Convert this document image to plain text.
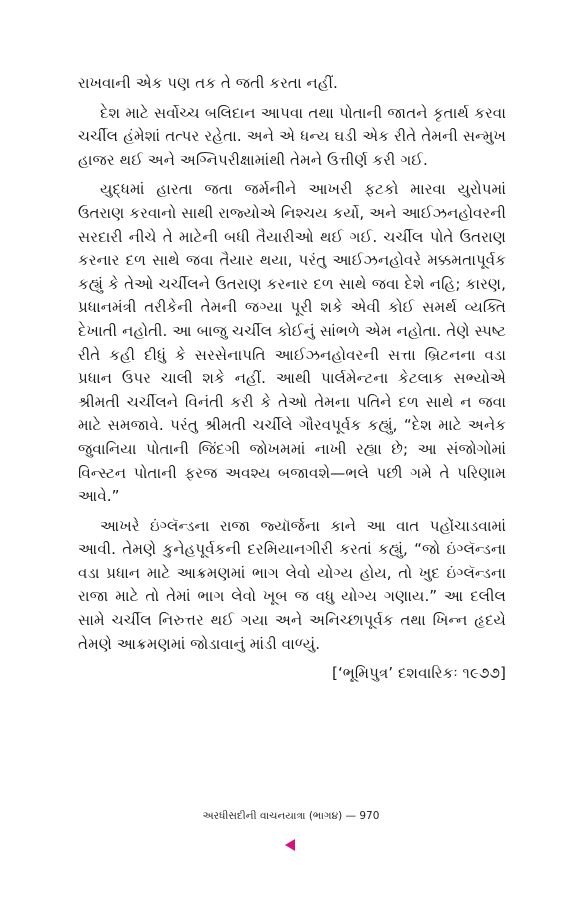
રાખવાની એક પણ તક તે જતી કરતા નહીં.

દેશ માટે સર્વોચ્ચ બલિદાન આપવા તથા પોતાની જાતને કૃતાર્થ કરવા ચર્ચીલ હંમેશાં તત્પર રહેતા. અને એ ધન્ય ઘડી એક રીતે તેમની સન્મુખ હાજર થઈ અને અગ્નિપરીક્ષામાંથી તેમને ઉત્તીર્ણ કરી ગઈ.

યુદ્ધમાં હારતા જતા જર્મનીને આખરી ફટકો મારવા યુરોપમાં ઉતરાણ કરવાનો સાથી રાજ્યોએ નિશ્ચય કર્યો, અને આઈઝનહોવરની સરદારી નીચે તે માટેની બધી તૈયારીઓ થઈ ગઈ. ચર્ચીલ પોતે ઉતરાણ કરનાર દળ સાથે જવા તૈયાર થયા, પરંતુ આઈઝનહોવરે મક્કમતાપૂર્વક કહ્યું કે તેઓ ચર્ચીલને ઉતરાણ કરનાર દળ સાથે જવા દેશે નહિ; કારણ, પ્રધાનમંત્રી તરીકેની તેમની જગ્યા પૂરી શકે એવી કોઈ સમર્થ વ્યક્તિ દેખાતી નહોતી. આ બાજુ ચર્ચીલ કોઈનું સાંભળે એમ નહોતા. તેણે સ્પષ્ટ રીતે કહી દીધું કે સરસેનાપતિ આઈઝનહોવરની સત્તા બ્રિટનના વડા પ્રધાન ઉપર ચાલી શકે નહીં. આથી પાર્લમેન્ટના કેટલાક સભ્યોએ શ્રીમતી ચર્ચીલને વિનંતી કરી કે તેઓ તેમના પતિને દળ સાથે ન જવા માટે સમજાવે. પરંતુ શ્રીમતી ચર્ચીલે ગૌરવપૂર્વક કહ્યું, “દેશ માટે અનેક જુવાનિયા પોતાની જિંદગી જોખમમાં નાખી રહ્યા છે; આ સંજોગોમાં વિન્સ્ટન પોતાની ફરજ અવશ્ય બજાવશે—ભલે પછી ગમે તે પરિણામ આવે.”

આખરે ઇંગ્લૅન્ડના રાજા જ્યૉર્જના કાને આ વાત પહોંચાડવામાં આવી. તેમણે કુનેહપૂર્વકની દરમિયાનગીરી કરતાં કહ્યું, “જો ઇંગ્લૅન્ડના વડા પ્રધાન માટે આક્રમણમાં ભાગ લેવો યોગ્ય હોય, તો ખુદ ઇંગ્લૅન્ડના રાજા માટે તો તેમાં ભાગ લેવો ખૂબ જ વધુ યોગ્ય ગણાય.” આ દલીલ સામે ચર્ચીલ નિરુત્તર થઈ ગયા અને અનિચ્છાપૂર્વક તથા ખિન્ન હૃદયે તેમણે આક્રમણમાં જોડાવાનું માંડી વાળ્યું.

[‘ભૂમિપુત્ર’ દશવારિકઃ ૧૯૭૭]
અરધીસદીની વાચનયાત્રા (ભાગ૪) — 970
